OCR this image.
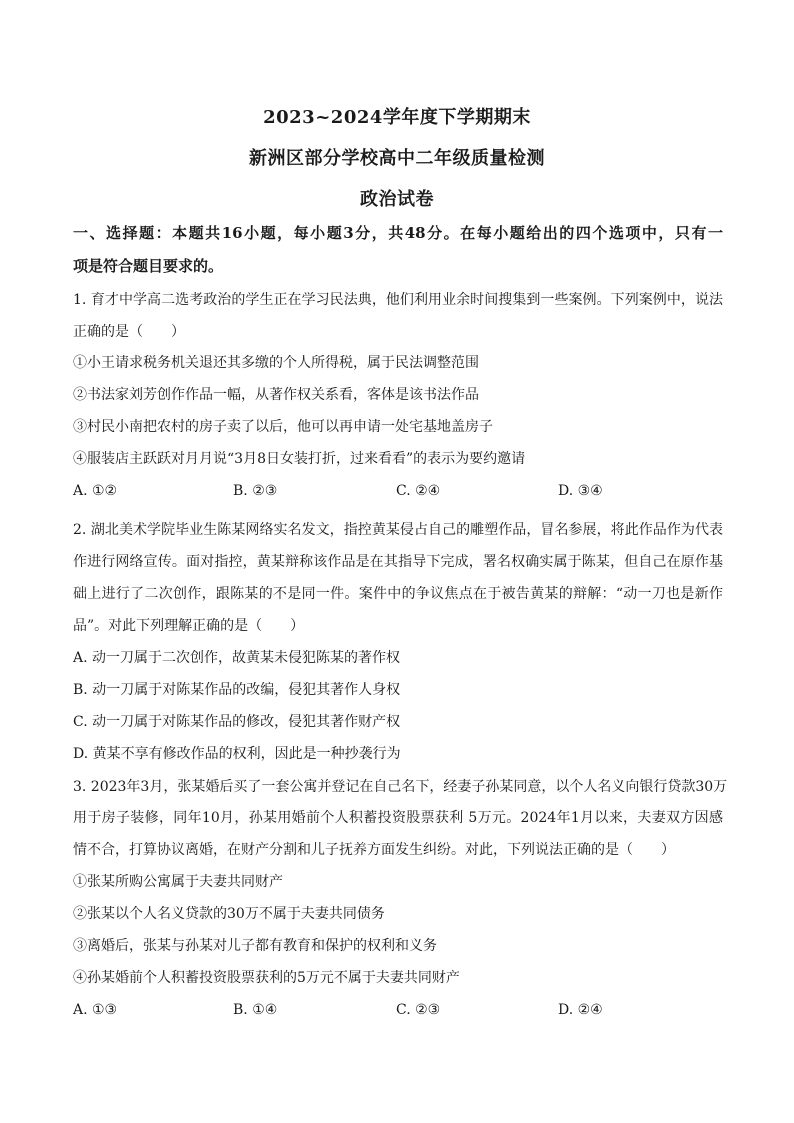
2023~2024学年度下学期期末
新洲区部分学校高中二年级质量检测
政治试卷
一、选择题：本题共16小题，每小题3分，共48分。在每小题给出的四个选项中，只有一
项是符合题目要求的。
1. 育才中学高二选考政治的学生正在学习民法典，他们利用业余时间搜集到一些案例。下列案例中，说法
正确的是（　　）
①小王请求税务机关退还其多缴的个人所得税，属于民法调整范围
②书法家刘芳创作作品一幅，从著作权关系看，客体是该书法作品
③村民小南把农村的房子卖了以后，他可以再申请一处宅基地盖房子
④服装店主跃跃对月月说“3月8日女装打折，过来看看”的表示为要约邀请
A. ①②	B. ②③	C. ②④	D. ③④
2. 湖北美术学院毕业生陈某网络实名发文，指控黄某侵占自己的雕塑作品，冒名参展，将此作品作为代表
作进行网络宣传。面对指控，黄某辩称该作品是在其指导下完成，署名权确实属于陈某，但自己在原作基
础上进行了二次创作，跟陈某的不是同一件。案件中的争议焦点在于被告黄某的辩解：“动一刀也是新作
品”。对此下列理解正确的是（　　）
A. 动一刀属于二次创作，故黄某未侵犯陈某的著作权
B. 动一刀属于对陈某作品的改编，侵犯其著作人身权
C. 动一刀属于对陈某作品的修改，侵犯其著作财产权
D. 黄某不享有修改作品的权利，因此是一种抄袭行为
3. 2023年3月，张某婚后买了一套公寓并登记在自己名下，经妻子孙某同意，以个人名义向银行贷款30万
用于房子装修，同年10月，孙某用婚前个人积蓄投资股票获利 5万元。2024年1月以来，夫妻双方因感
情不合，打算协议离婚，在财产分割和儿子抚养方面发生纠纷。对此，下列说法正确的是（　　）
①张某所购公寓属于夫妻共同财产
②张某以个人名义贷款的30万不属于夫妻共同债务
③离婚后，张某与孙某对儿子都有教育和保护的权利和义务
④孙某婚前个人积蓄投资股票获利的5万元不属于夫妻共同财产
A. ①③	B. ①④	C. ②③	D. ②④
